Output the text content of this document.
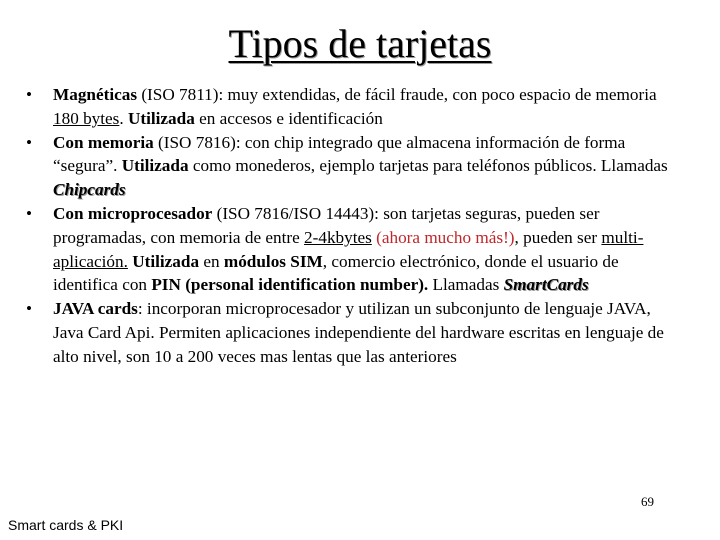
Tipos de tarjetas
• Magnéticas (ISO 7811): muy extendidas, de fácil fraude, con poco espacio de memoria 180 bytes. Utilizada en accesos e identificación
• Con memoria (ISO 7816): con chip integrado que almacena información de forma “segura”. Utilizada como monederos, ejemplo tarjetas para teléfonos públicos. Llamadas Chipcards
• Con microprocesador (ISO 7816/ISO 14443): son tarjetas seguras, pueden ser programadas, con memoria de entre 2-4kbytes (ahora mucho más!), pueden ser multi-aplicación. Utilizada en módulos SIM, comercio electrónico, donde el usuario de identifica con PIN (personal identification number). Llamadas SmartCards
• JAVA cards: incorporan microprocesador y utilizan un subconjunto de lenguaje JAVA, Java Card Api. Permiten aplicaciones independiente del hardware escritas en lenguaje de alto nivel, son 10 a 200 veces mas lentas que las anteriores
69
Smart cards & PKI
